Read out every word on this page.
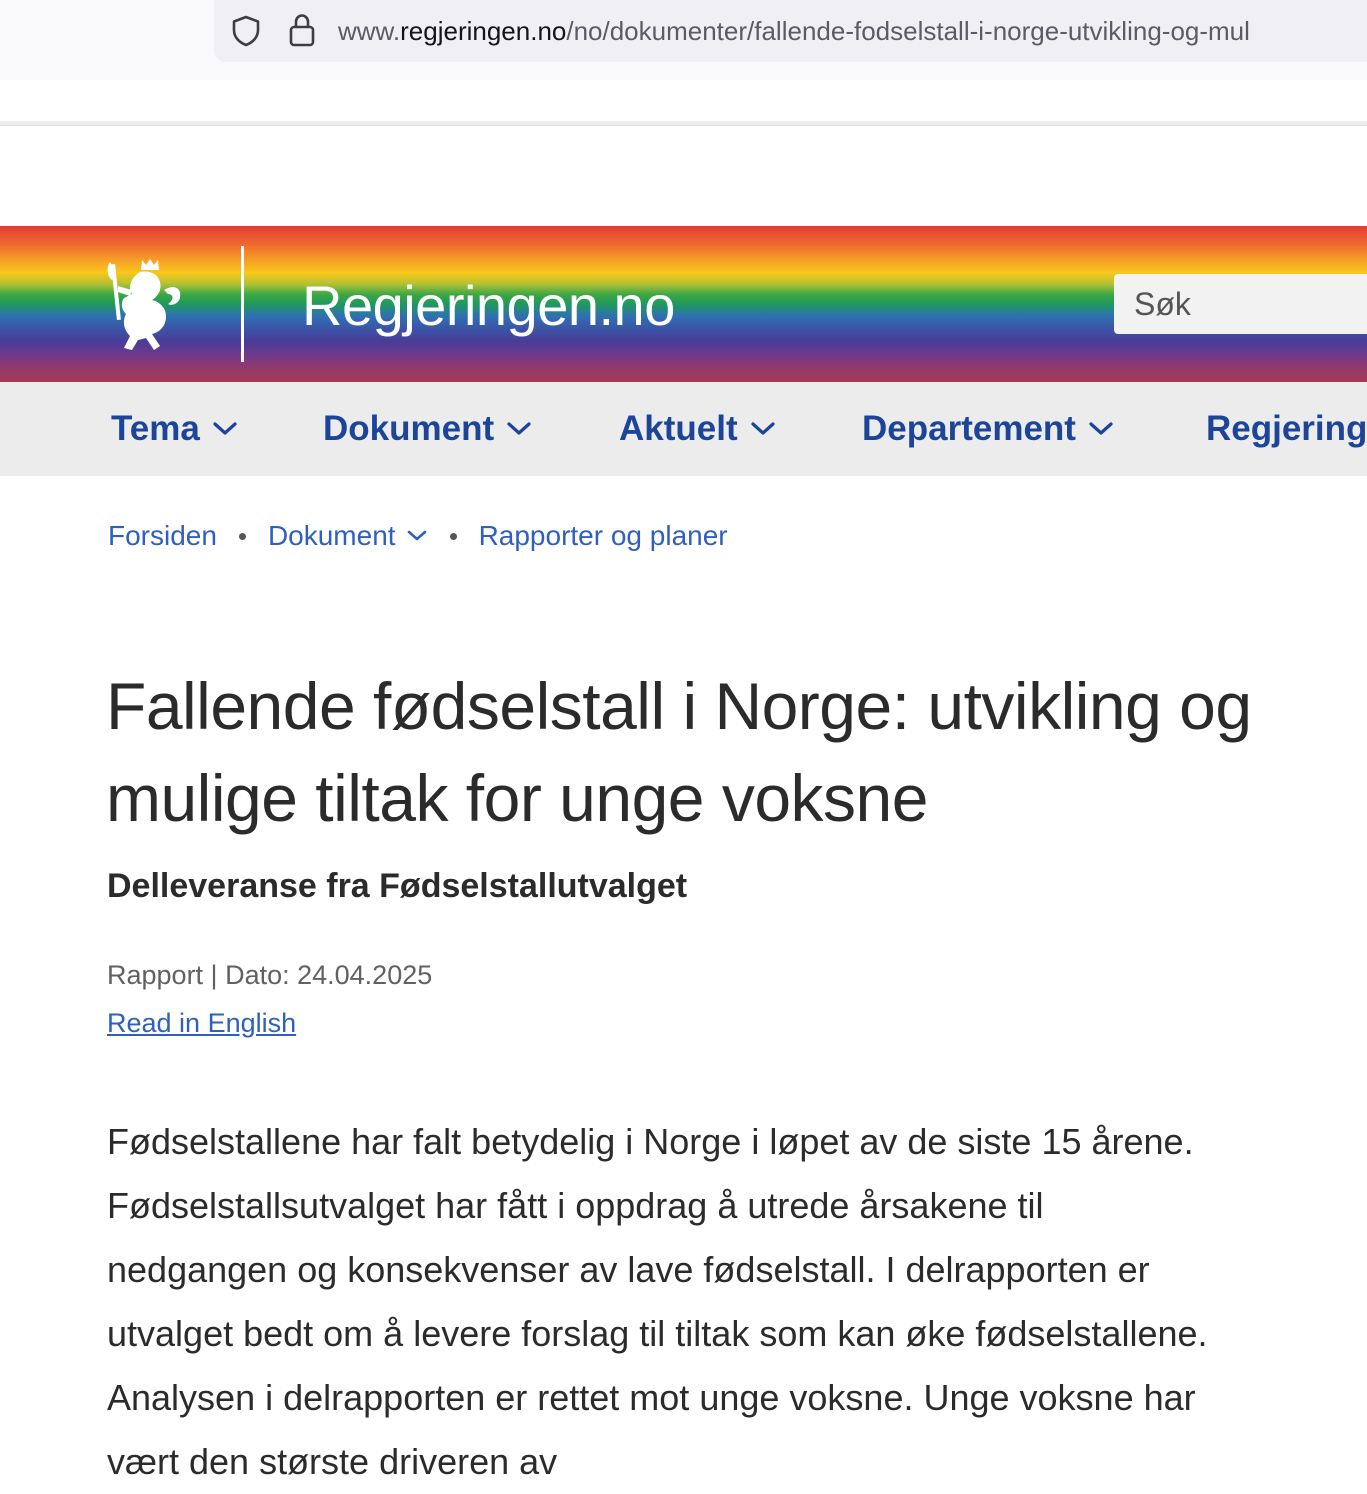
www.regjeringen.no/no/dokumenter/fallende-fodselstall-i-norge-utvikling-og-mul
Regjeringen.no
Søk
Tema	Dokument	Aktuelt	Departement	Regjering
Forsiden Dokument	Rapporter og planer
Fallende fødselstall i Norge: utvikling og mulige tiltak for unge voksne
Delleveranse fra Fødselstallutvalget
Rapport | Dato: 24.04.2025
Read in English

Fødselstallene har falt betydelig i Norge i løpet av de siste 15 årene. Fødselstallsutvalget har fått i oppdrag å utrede årsakene til nedgangen og konsekvenser av lave fødselstall. I delrapporten er utvalget bedt om å levere forslag til tiltak som kan øke fødselstallene. Analysen i delrapporten er rettet mot unge voksne. Unge voksne har vært den største driveren av
